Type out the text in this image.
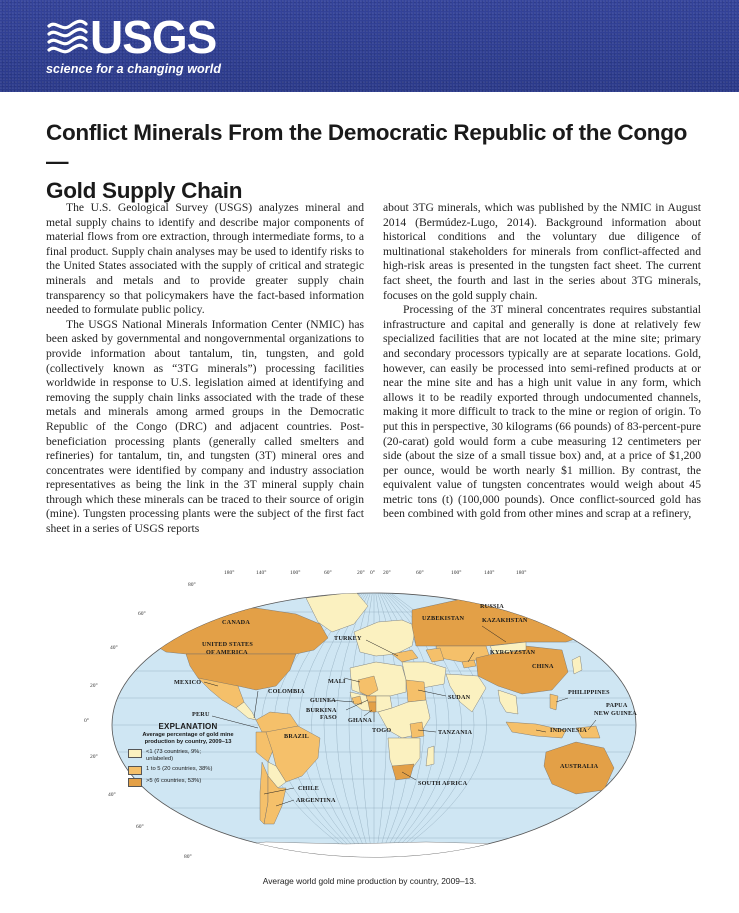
USGS
science for a changing world
Conflict Minerals From the Democratic Republic of the Congo—
Gold Supply Chain

The U.S. Geological Survey (USGS) analyzes mineral and metal supply chains to identify and describe major components of material flows from ore extraction, through intermediate forms, to a final product. Supply chain analyses may be used to identify risks to the United States associated with the supply of critical and strategic minerals and metals and to provide greater supply chain transparency so that policymakers have the fact-based information needed to formulate public policy.

The USGS National Minerals Information Center (NMIC) has been asked by governmental and nongovernmental organizations to provide information about tantalum, tin, tungsten, and gold (collectively known as “3TG minerals”) processing facilities worldwide in response to U.S. legislation aimed at identifying and removing the supply chain links associated with the trade of these metals and minerals among armed groups in the Democratic Republic of the Congo (DRC) and adjacent countries. Post-beneficiation processing plants (generally called smelters and refineries) for tantalum, tin, and tungsten (3T) mineral ores and concentrates were identified by company and industry association representatives as being the link in the 3T mineral supply chain through which these minerals can be traced to their source of origin (mine). Tungsten processing plants were the subject of the first fact sheet in a series of USGS reports

about 3TG minerals, which was published by the NMIC in August 2014 (Bermúdez-Lugo, 2014). Background information about historical conditions and the voluntary due diligence of multinational stakeholders for minerals from conflict-affected and high-risk areas is presented in the tungsten fact sheet. The current fact sheet, the fourth and last in the series about 3TG minerals, focuses on the gold supply chain.

Processing of the 3T mineral concentrates requires substantial infrastructure and capital and generally is done at relatively few specialized facilities that are not located at the mine site; primary and secondary processors typically are at separate locations. Gold, however, can easily be processed into semi-refined products at or near the mine site and has a high unit value in any form, which allows it to be readily exported through undocumented channels, making it more difficult to track to the mine or region of origin. To put this in perspective, 30 kilograms (66 pounds) of 83-percent-pure (20-carat) gold would form a cube measuring 12 centimeters per side (about the size of a small tissue box) and, at a price of $1,200 per ounce, would be worth nearly $1 million. By contrast, the equivalent value of tungsten concentrates would weigh about 45 metric tons (t) (100,000 pounds). Once conflict-sourced gold has been combined with gold from other mines and scrap at a refinery,

180°	140°	100°	60°	20° 0° 20°	60°	100°	140°	180°
80°
60°
40°
20°
0°
20°
40°
60°
80°
CANADA
UNITED STATES
OF AMERICA
MEXICO
COLOMBIA
PERU
BRAZIL
CHILE
ARGENTINA
TURKEY
MALI
GUINEA
BURKINA
FASO GHANA
TOGO
SUDAN
TANZANIA
SOUTH AFRICA
RUSSIA
UZBEKISTAN	KAZAKHSTAN
KYRGYZSTAN
CHINA
PHILIPPINES
PAPUA
NEW GUINEA
INDONESIA
AUSTRALIA
EXPLANATION
Average percentage of gold mine
production by country, 2009–13
<1 (73 countries, 9%;
unlabeled)
1 to 5 (20 countries, 38%)
>5 (6 countries, 53%)
Average world gold mine production by country, 2009–13.
